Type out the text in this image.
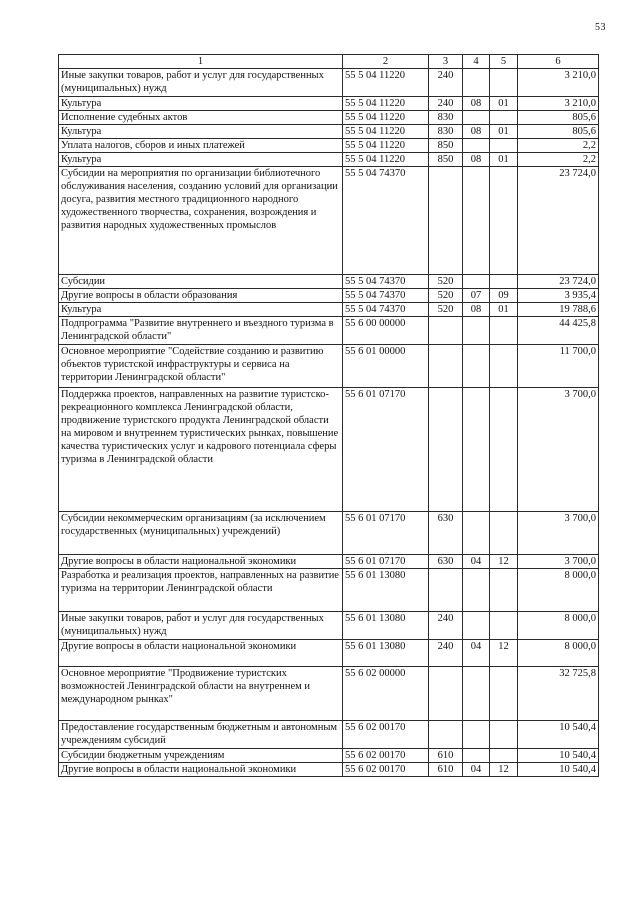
53
1	2	3	4	5	6
Иные закупки товаров, работ и услуг для государственных (муниципальных) нужд	55 5 04 11220	240			3 210,0
Культура	55 5 04 11220	240	08	01	3 210,0
Исполнение судебных актов	55 5 04 11220	830			805,6
Культура	55 5 04 11220	830	08	01	805,6
Уплата налогов, сборов и иных платежей	55 5 04 11220	850			2,2
Культура	55 5 04 11220	850	08	01	2,2
Субсидии на мероприятия по организации библиотечного обслуживания населения, созданию условий для организации досуга, развития местного традиционного народного художественного творчества, сохранения, возрождения и развития народных художественных промыслов	55 5 04 74370				23 724,0
Субсидии	55 5 04 74370	520			23 724,0
Другие вопросы в области образования	55 5 04 74370	520	07	09	3 935,4
Культура	55 5 04 74370	520	08	01	19 788,6
Подпрограмма "Развитие внутреннего и въездного туризма в Ленинградской области"	55 6 00 00000				44 425,8
Основное мероприятие "Содействие созданию и развитию объектов туристской инфраструктуры и сервиса на территории Ленинградской области"	55 6 01 00000				11 700,0
Поддержка проектов, направленных на развитие туристско-рекреационного комплекса Ленинградской области, продвижение туристского продукта Ленинградской области на мировом и внутреннем туристических рынках, повышение качества туристических услуг и кадрового потенциала сферы туризма в Ленинградской области	55 6 01 07170				3 700,0
Субсидии некоммерческим организациям (за исключением государственных (муниципальных) учреждений)	55 6 01 07170	630			3 700,0
Другие вопросы в области национальной экономики	55 6 01 07170	630	04	12	3 700,0
Разработка и реализация проектов, направленных на развитие туризма на территории Ленинградской области	55 6 01 13080				8 000,0
Иные закупки товаров, работ и услуг для государственных (муниципальных) нужд	55 6 01 13080	240			8 000,0
Другие вопросы в области национальной экономики	55 6 01 13080	240	04	12	8 000,0
Основное мероприятие "Продвижение туристских возможностей Ленинградской области на внутреннем и международном рынках"	55 6 02 00000				32 725,8
Предоставление государственным бюджетным и автономным учреждениям субсидий	55 6 02 00170				10 540,4
Субсидии бюджетным учреждениям	55 6 02 00170	610			10 540,4
Другие вопросы в области национальной экономики	55 6 02 00170	610	04	12	10 540,4
